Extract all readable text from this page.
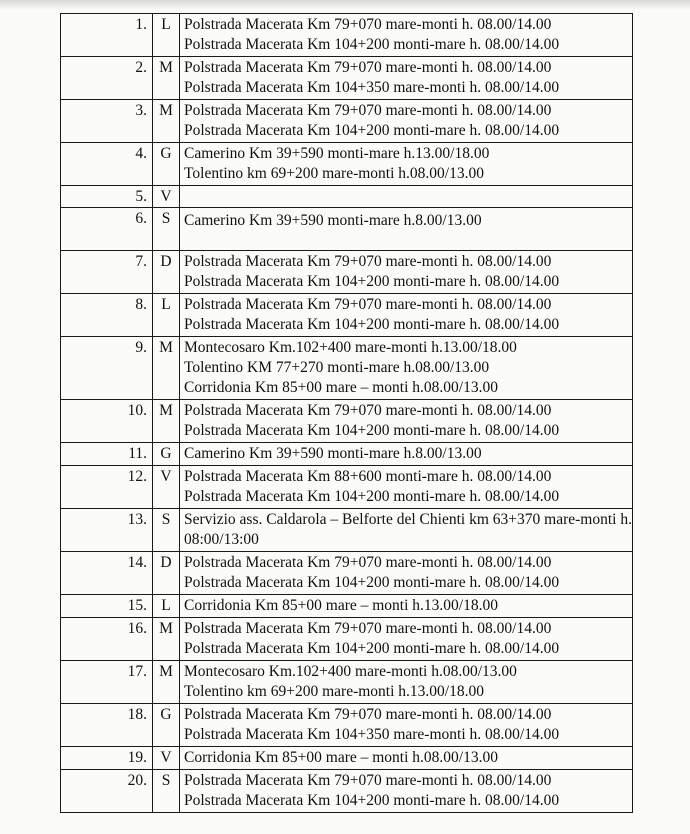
1.	L	Polstrada Macerata Km 79+070 mare-monti h. 08.00/14.00
Polstrada Macerata Km 104+200 monti-mare h. 08.00/14.00

2.	M	Polstrada Macerata Km 79+070 mare-monti h. 08.00/14.00
Polstrada Macerata Km 104+350 mare-monti h. 08.00/14.00

3.	M	Polstrada Macerata Km 79+070 mare-monti h. 08.00/14.00
Polstrada Macerata Km 104+200 monti-mare h. 08.00/14.00

4.	G	Camerino Km 39+590 monti-mare h.13.00/18.00
Tolentino km 69+200 mare-monti h.08.00/13.00

5.	V	
6.	S	Camerino Km 39+590 monti-mare h.8.00/13.00

7.	D	Polstrada Macerata Km 79+070 mare-monti h. 08.00/14.00
Polstrada Macerata Km 104+200 monti-mare h. 08.00/14.00

8.	L	Polstrada Macerata Km 79+070 mare-monti h. 08.00/14.00
Polstrada Macerata Km 104+200 monti-mare h. 08.00/14.00

9.	M	Montecosaro Km.102+400 mare-monti h.13.00/18.00
Tolentino KM 77+270 monti-mare h.08.00/13.00
Corridonia Km 85+00 mare – monti h.08.00/13.00

10.	M	Polstrada Macerata Km 79+070 mare-monti h. 08.00/14.00
Polstrada Macerata Km 104+200 monti-mare h. 08.00/14.00

11.	G	Camerino Km 39+590 monti-mare h.8.00/13.00

12.	V	Polstrada Macerata Km 88+600 monti-mare h. 08.00/14.00
Polstrada Macerata Km 104+200 monti-mare h. 08.00/14.00

13.	S	Servizio ass. Caldarola – Belforte del Chienti km 63+370 mare-monti h. 08:00/13:00

14.	D	Polstrada Macerata Km 79+070 mare-monti h. 08.00/14.00
Polstrada Macerata Km 104+200 monti-mare h. 08.00/14.00

15.	L	Corridonia Km 85+00 mare – monti h.13.00/18.00

16.	M	Polstrada Macerata Km 79+070 mare-monti h. 08.00/14.00
Polstrada Macerata Km 104+200 monti-mare h. 08.00/14.00

17.	M	Montecosaro Km.102+400 mare-monti h.08.00/13.00
Tolentino km 69+200 mare-monti h.13.00/18.00

18.	G	Polstrada Macerata Km 79+070 mare-monti h. 08.00/14.00
Polstrada Macerata Km 104+350 mare-monti h. 08.00/14.00

19.	V	Corridonia Km 85+00 mare – monti h.08.00/13.00

20.	S	Polstrada Macerata Km 79+070 mare-monti h. 08.00/14.00
Polstrada Macerata Km 104+200 monti-mare h. 08.00/14.00
